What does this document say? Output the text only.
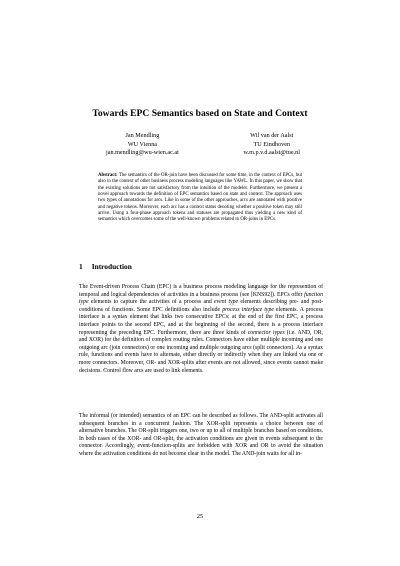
Towards EPC Semantics based on State and Context
Jan Mendling
WU Vienna
jan.mendling@wu-wien.ac.at
Wil van der Aalst
TU Eindhoven
w.m.p.v.d.aalst@tue.nl
Abstract: The semantics of the OR-join have been discussed for some time, in the context of EPCs, but also in the context of other business process modeling languages like YAWL. In this paper, we show that the existing solutions are not satisfactory from the intuition of the modeler. Furthermore, we present a novel approach towards the definition of EPC semantics based on state and context. The approach uses two types of annotations for arcs. Like in some of the other approaches, arcs are annotated with positive and negative tokens. Moreover, each arc has a context status denoting whether a positive token may still arrive. Using a four-phase approach tokens and statuses are propagated thus yielding a new kind of semantics which overcomes some of the well-known problems related to OR-joins in EPCs.
1 Introduction
The Event-driven Process Chain (EPC) is a business process modeling language for the represention of temporal and logical dependencies of activities in a business process (see [KNS92]). EPCs offer function type elements to capture the activities of a process and event type elements describing pre- and post-conditions of functions. Some EPC definitions also include process interface type elements. A process interface is a syntax element that links two consecutive EPCs: at the end of the first EPC, a process interface points to the second EPC, and at the beginning of the second, there is a process interface representing the preceding EPC. Furthermore, there are three kinds of connector types (i.e. AND, OR, and XOR) for the definition of complex routing rules. Connectors have either multiple incoming and one outgoing arc (join connectors) or one incoming and multiple outgoing arcs (split connectors). As a syntax rule, functions and events have to alternate, either directly or indirectly when they are linked via one or more connectors. Moreover, OR- and XOR-splits after events are not allowed, since events cannot make decisions. Control flow arcs are used to link elements.
The informal (or intended) semantics of an EPC can be described as follows. The AND-split activates all subsequent branches in a concurrent fashion. The XOR-split represents a choice between one of alternative branches. The OR-split triggers one, two or up to all of multiple branches based on conditions. In both cases of the XOR- and OR-split, the activation conditions are given in events subsequent to the connector. Accordingly, event-function-splits are forbidden with XOR and OR to avoid the situation where the activation conditions do not become clear in the model. The AND-join waits for all in-
25
